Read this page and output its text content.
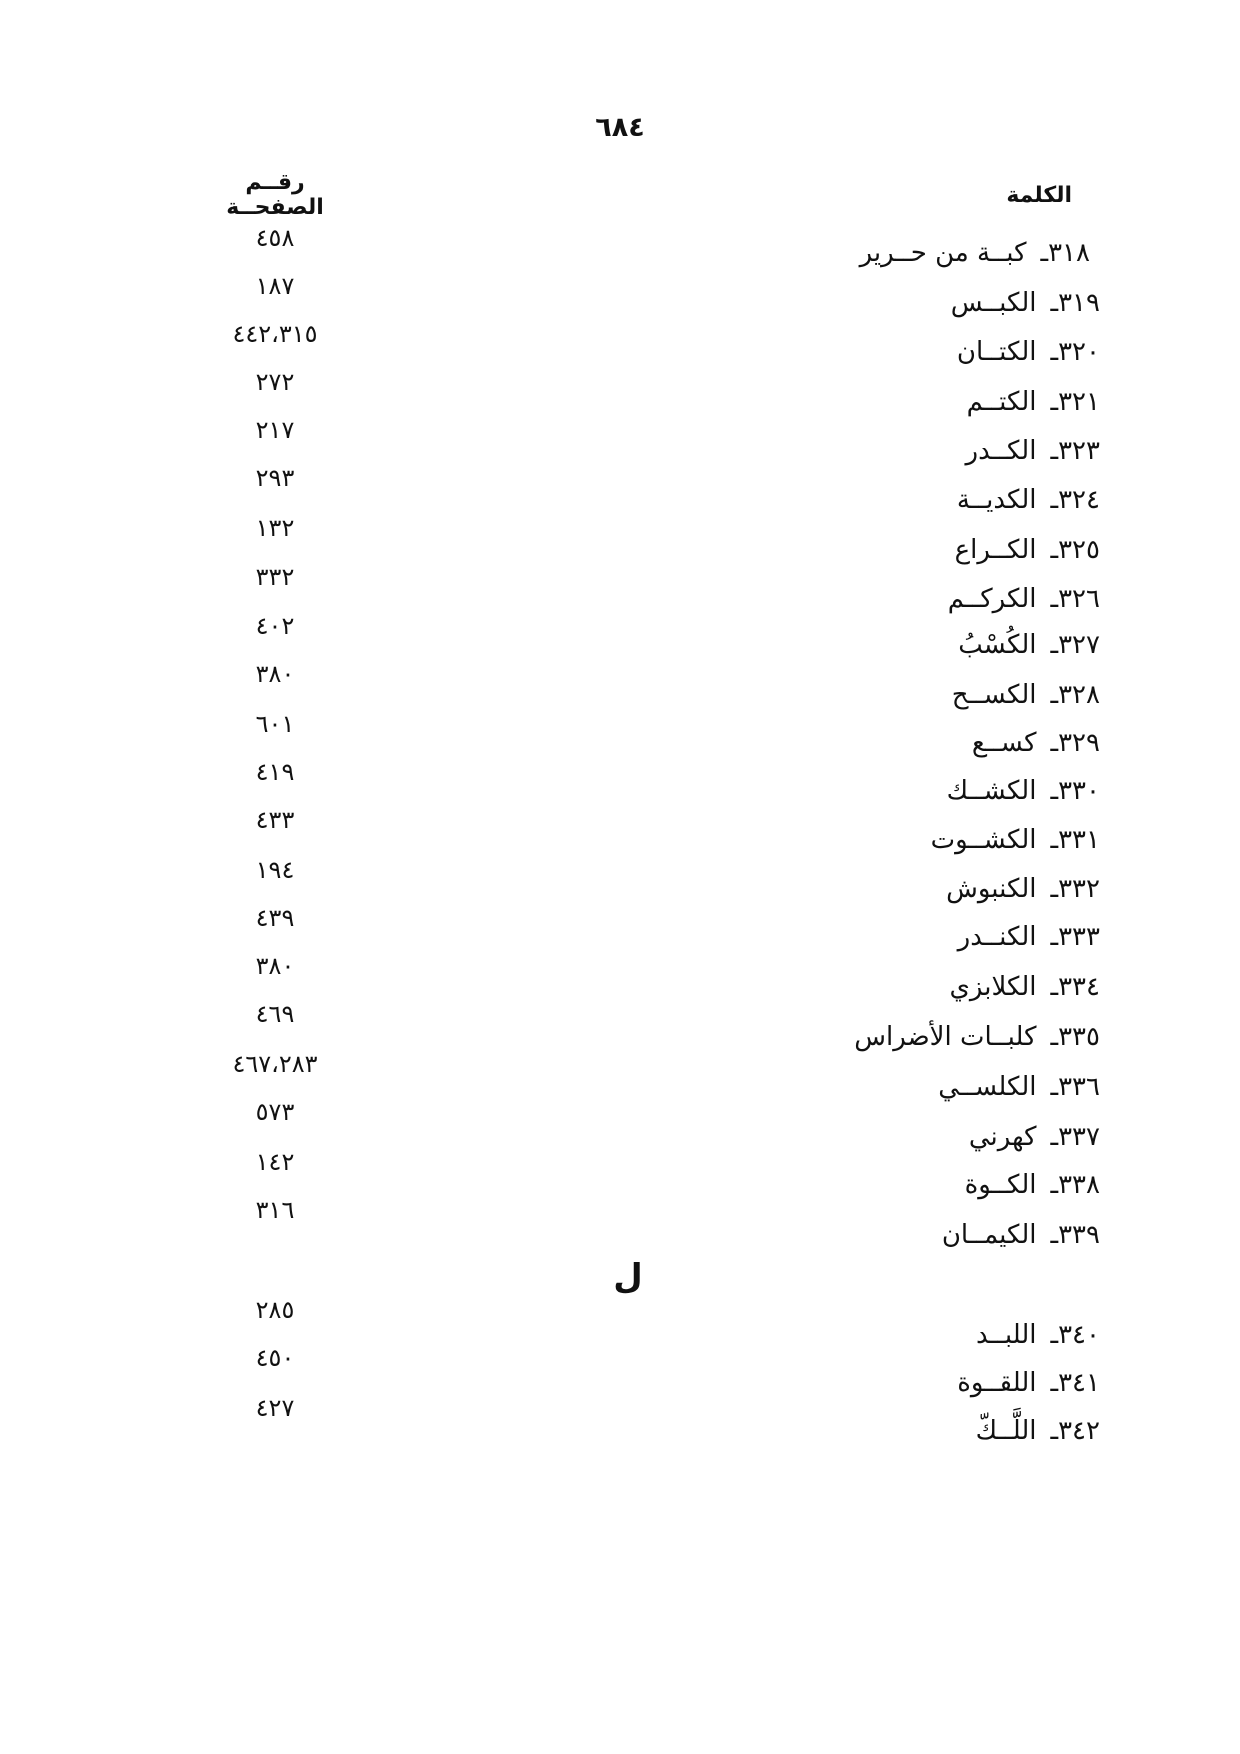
٦٨٤
الكلمة
رقــم الصفحــة
٣١٨ـكبــة من حــرير
٤٥٨
٣١٩ـالكبــس
١٨٧
٣٢٠ـالكتــان
٤٤٢،٣١٥
٣٢١ـالكتــم
٢٧٢
٣٢٣ـالكــدر
٢١٧
٣٢٤ـالكديــة
٢٩٣
٣٢٥ـالكــراع
١٣٢
٣٢٦ـالكركــم
٣٣٢
٣٢٧ـالكُسْبُ
٤٠٢
٣٢٨ـالكســح
٣٨٠
٣٢٩ـكســع
٦٠١
٣٣٠ـالكشــك
٤١٩
٣٣١ـالكشــوت
٤٣٣
٣٣٢ـالكنبوش
١٩٤
٣٣٣ـالكنــدر
٤٣٩
٣٣٤ـالكلابزي
٣٨٠
٣٣٥ـكلبــات الأضراس
٤٦٩
٣٣٦ـالكلســي
٤٦٧،٢٨٣
٣٣٧ـكهرني
٥٧٣
٣٣٨ـالكــوة
١٤٢
٣٣٩ـالكيمــان
٣١٦
ل
٣٤٠ـاللبــد
٢٨٥
٣٤١ـاللقــوة
٤٥٠
٣٤٢ـاللَّــكّ
٤٢٧
